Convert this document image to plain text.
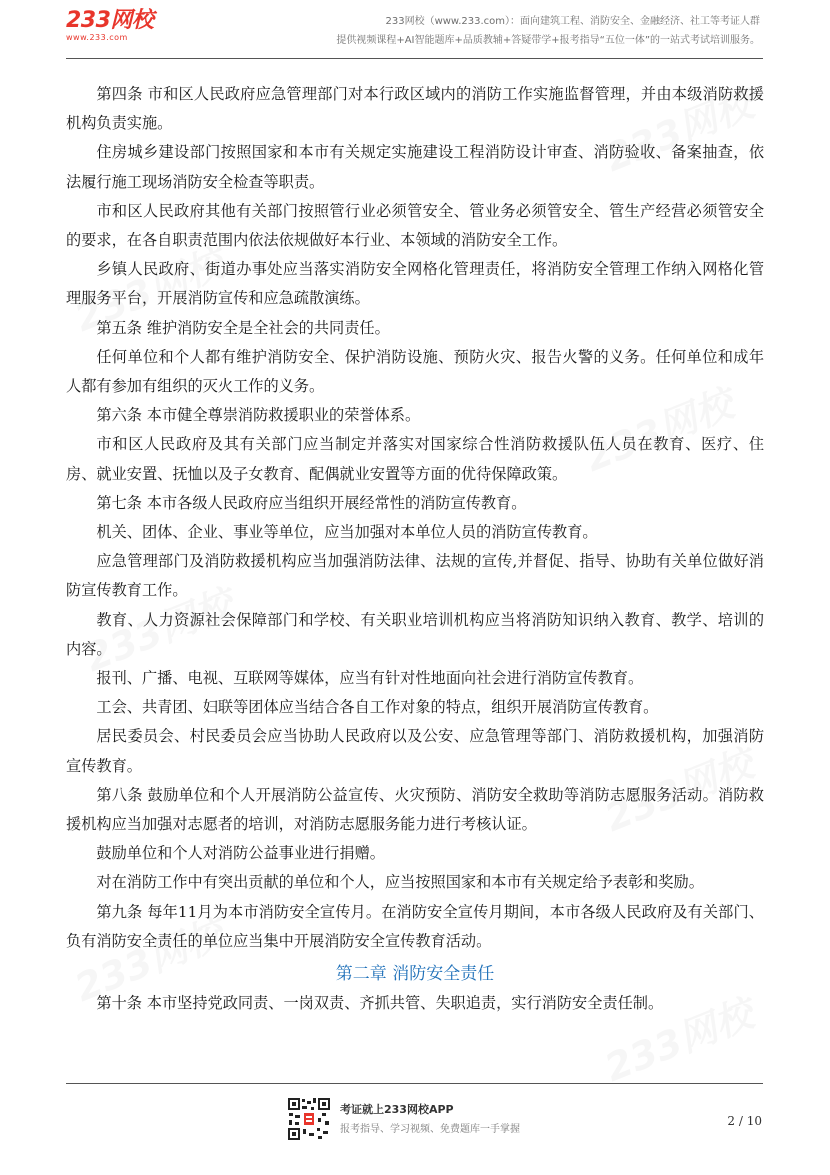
233网校
www.233.com
233网校（www.233.com）：面向建筑工程、消防安全、金融经济、社工等考证人群
提供视频课程+AI智能题库+品质教辅+答疑带学+报考指导“五位一体”的一站式考试培训服务。

第四条 市和区人民政府应急管理部门对本行政区域内的消防工作实施监督管理，并由本级消防救援机构负责实施。

住房城乡建设部门按照国家和本市有关规定实施建设工程消防设计审查、消防验收、备案抽查，依法履行施工现场消防安全检查等职责。

市和区人民政府其他有关部门按照管行业必须管安全、管业务必须管安全、管生产经营必须管安全的要求，在各自职责范围内依法依规做好本行业、本领域的消防安全工作。

乡镇人民政府、街道办事处应当落实消防安全网格化管理责任，将消防安全管理工作纳入网格化管理服务平台，开展消防宣传和应急疏散演练。

第五条 维护消防安全是全社会的共同责任。

任何单位和个人都有维护消防安全、保护消防设施、预防火灾、报告火警的义务。任何单位和成年人都有参加有组织的灭火工作的义务。

第六条 本市健全尊崇消防救援职业的荣誉体系。

市和区人民政府及其有关部门应当制定并落实对国家综合性消防救援队伍人员在教育、医疗、住房、就业安置、抚恤以及子女教育、配偶就业安置等方面的优待保障政策。

第七条 本市各级人民政府应当组织开展经常性的消防宣传教育。

机关、团体、企业、事业等单位，应当加强对本单位人员的消防宣传教育。

应急管理部门及消防救援机构应当加强消防法律、法规的宣传,并督促、指导、协助有关单位做好消防宣传教育工作。

教育、人力资源社会保障部门和学校、有关职业培训机构应当将消防知识纳入教育、教学、培训的内容。

报刊、广播、电视、互联网等媒体，应当有针对性地面向社会进行消防宣传教育。

工会、共青团、妇联等团体应当结合各自工作对象的特点，组织开展消防宣传教育。

居民委员会、村民委员会应当协助人民政府以及公安、应急管理等部门、消防救援机构，加强消防宣传教育。

第八条 鼓励单位和个人开展消防公益宣传、火灾预防、消防安全救助等消防志愿服务活动。消防救援机构应当加强对志愿者的培训，对消防志愿服务能力进行考核认证。

鼓励单位和个人对消防公益事业进行捐赠。

对在消防工作中有突出贡献的单位和个人，应当按照国家和本市有关规定给予表彰和奖励。

第九条 每年11月为本市消防安全宣传月。在消防安全宣传月期间，本市各级人民政府及有关部门、负有消防安全责任的单位应当集中开展消防安全宣传教育活动。

第二章 消防安全责任

第十条 本市坚持党政同责、一岗双责、齐抓共管、失职追责，实行消防安全责任制。

考证就上233网校APP
报考指导、学习视频、免费题库一手掌握
2 / 10
